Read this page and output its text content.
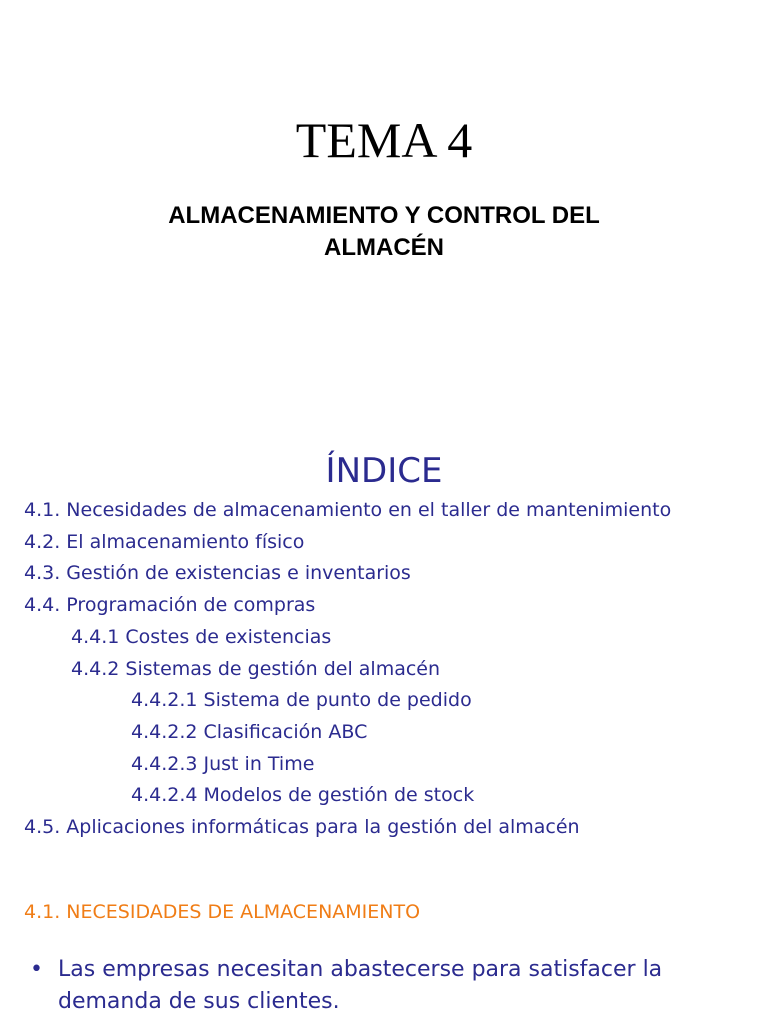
TEMA 4
ALMACENAMIENTO Y CONTROL DEL
ALMACÉN
ÍNDICE
4.1. Necesidades de almacenamiento en el taller de mantenimiento
4.2. El almacenamiento físico
4.3. Gestión de existencias e inventarios
4.4. Programación de compras
4.4.1 Costes de existencias
4.4.2 Sistemas de gestión del almacén
4.4.2.1 Sistema de punto de pedido
4.4.2.2 Clasificación ABC
4.4.2.3 Just in Time
4.4.2.4 Modelos de gestión de stock
4.5. Aplicaciones informáticas para la gestión del almacén
4.1. NECESIDADES DE ALMACENAMIENTO
• Las empresas necesitan abastecerse para satisfacer la demanda de sus clientes.
